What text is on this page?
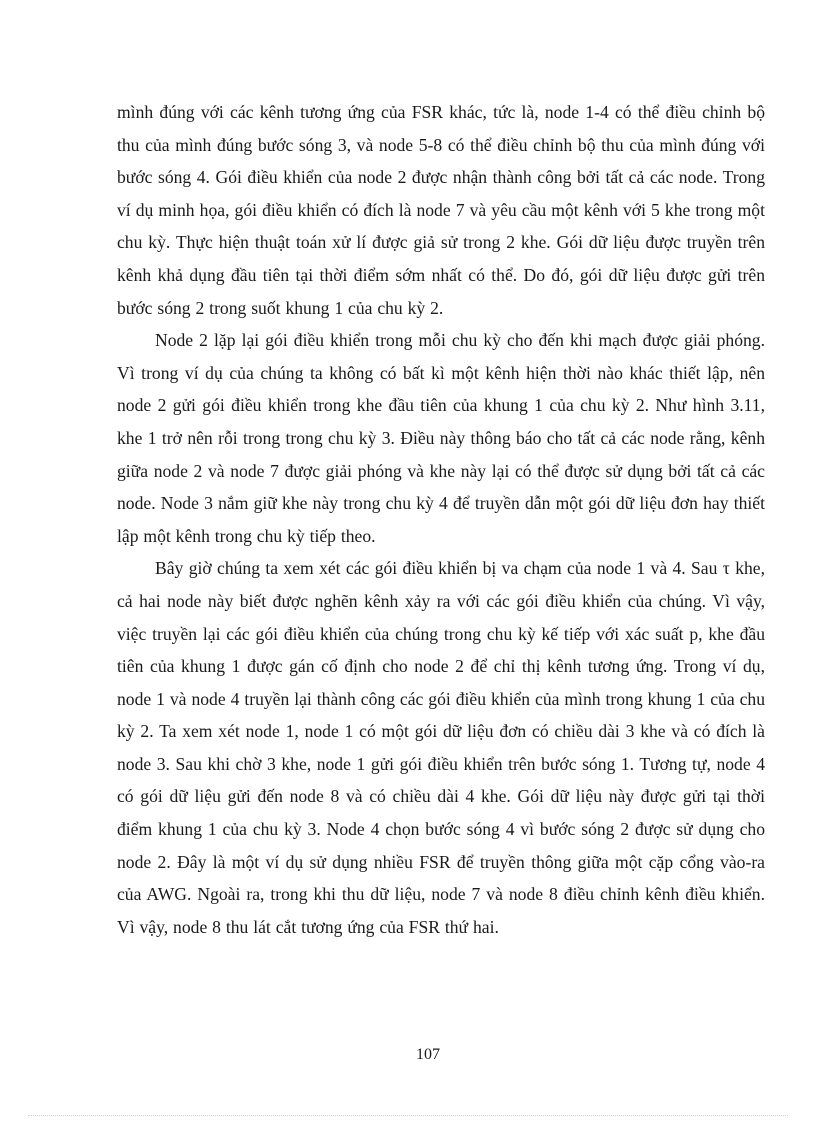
mình đúng với các kênh tương ứng của FSR khác, tức là, node 1-4 có thể điều chỉnh bộ thu của mình đúng bước sóng 3, và node 5-8 có thể điều chỉnh bộ thu của mình đúng với bước sóng 4. Gói điều khiển của node 2 được nhận thành công bởi tất cả các node. Trong ví dụ minh họa, gói điều khiển có đích là node 7 và yêu cầu một kênh với 5 khe trong một chu kỳ. Thực hiện thuật toán xử lí được giả sử trong 2 khe. Gói dữ liệu được truyền trên kênh khả dụng đầu tiên tại thời điểm sớm nhất có thể. Do đó, gói dữ liệu được gửi trên bước sóng 2 trong suốt khung 1 của chu kỳ 2.

Node 2 lặp lại gói điều khiển trong mỗi chu kỳ cho đến khi mạch được giải phóng. Vì trong ví dụ của chúng ta không có bất kì một kênh hiện thời nào khác thiết lập, nên node 2 gửi gói điều khiển trong khe đầu tiên của khung 1 của chu kỳ 2. Như hình 3.11, khe 1 trở nên rỗi trong trong chu kỳ 3. Điều này thông báo cho tất cả các node rằng, kênh giữa node 2 và node 7 được giải phóng và khe này lại có thể được sử dụng bởi tất cả các node. Node 3 nắm giữ khe này trong chu kỳ 4 để truyền dẫn một gói dữ liệu đơn hay thiết lập một kênh trong chu kỳ tiếp theo.

Bây giờ chúng ta xem xét các gói điều khiển bị va chạm của node 1 và 4. Sau τ khe, cả hai node này biết được nghẽn kênh xảy ra với các gói điều khiển của chúng. Vì vậy, việc truyền lại các gói điều khiển của chúng trong chu kỳ kế tiếp với xác suất p, khe đầu tiên của khung 1 được gán cố định cho node 2 để chỉ thị kênh tương ứng. Trong ví dụ, node 1 và node 4 truyền lại thành công các gói điều khiển của mình trong khung 1 của chu kỳ 2. Ta xem xét node 1, node 1 có một gói dữ liệu đơn có chiều dài 3 khe và có đích là node 3. Sau khi chờ 3 khe, node 1 gửi gói điều khiển trên bước sóng 1. Tương tự, node 4 có gói dữ liệu gửi đến node 8 và có chiều dài 4 khe. Gói dữ liệu này được gửi tại thời điểm khung 1 của chu kỳ 3. Node 4 chọn bước sóng 4 vì bước sóng 2 được sử dụng cho node 2. Đây là một ví dụ sử dụng nhiều FSR để truyền thông giữa một cặp cổng vào-ra của AWG. Ngoài ra, trong khi thu dữ liệu, node 7 và node 8 điều chỉnh kênh điều khiển. Vì vậy, node 8 thu lát cắt tương ứng của FSR thứ hai.

107
